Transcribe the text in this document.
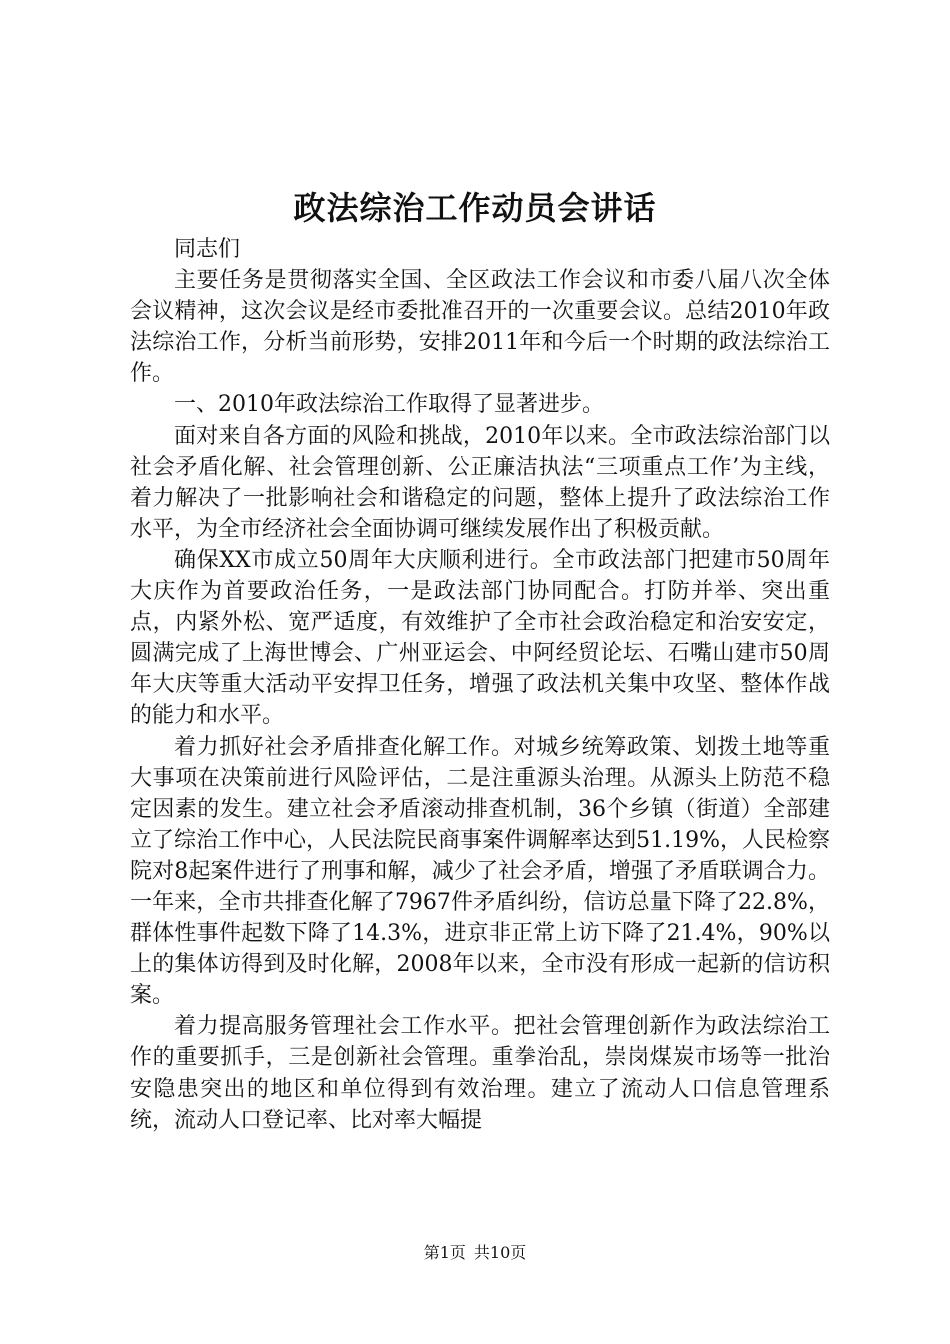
政法综治工作动员会讲话

同志们

主要任务是贯彻落实全国、全区政法工作会议和市委八届八次全体会议精神，这次会议是经市委批准召开的一次重要会议。总结2010年政法综治工作，分析当前形势，安排2011年和今后一个时期的政法综治工作。

一、2010年政法综治工作取得了显著进步。

面对来自各方面的风险和挑战，2010年以来。全市政法综治部门以社会矛盾化解、社会管理创新、公正廉洁执法“三项重点工作’为主线，着力解决了一批影响社会和谐稳定的问题，整体上提升了政法综治工作水平，为全市经济社会全面协调可继续发展作出了积极贡献。

确保XX市成立50周年大庆顺利进行。全市政法部门把建市50周年大庆作为首要政治任务，一是政法部门协同配合。打防并举、突出重点，内紧外松、宽严适度，有效维护了全市社会政治稳定和治安安定，圆满完成了上海世博会、广州亚运会、中阿经贸论坛、石嘴山建市50周年大庆等重大活动平安捍卫任务，增强了政法机关集中攻坚、整体作战的能力和水平。

着力抓好社会矛盾排查化解工作。对城乡统筹政策、划拨土地等重大事项在决策前进行风险评估，二是注重源头治理。从源头上防范不稳定因素的发生。建立社会矛盾滚动排查机制，36个乡镇（街道）全部建立了综治工作中心，人民法院民商事案件调解率达到51.19%，人民检察院对8起案件进行了刑事和解，减少了社会矛盾，增强了矛盾联调合力。一年来，全市共排查化解了7967件矛盾纠纷，信访总量下降了22.8%，群体性事件起数下降了14.3%，进京非正常上访下降了21.4%，90%以上的集体访得到及时化解，2008年以来，全市没有形成一起新的信访积案。

着力提高服务管理社会工作水平。把社会管理创新作为政法综治工作的重要抓手，三是创新社会管理。重拳治乱，崇岗煤炭市场等一批治安隐患突出的地区和单位得到有效治理。建立了流动人口信息管理系统，流动人口登记率、比对率大幅提

第1页 共10页
